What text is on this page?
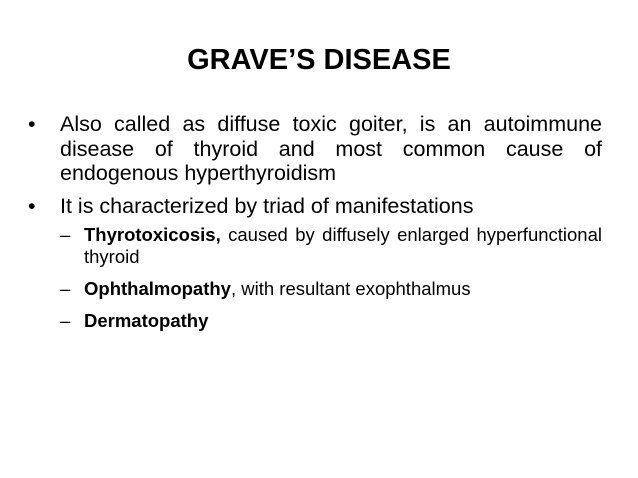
GRAVE’S DISEASE
•	Also called as diffuse toxic goiter, is an autoimmune disease of thyroid and most common cause of endogenous hyperthyroidism
•	It is characterized by triad of manifestations
– Thyrotoxicosis, caused by diffusely enlarged hyperfunctional thyroid
– Ophthalmopathy, with resultant exophthalmus
– Dermatopathy
